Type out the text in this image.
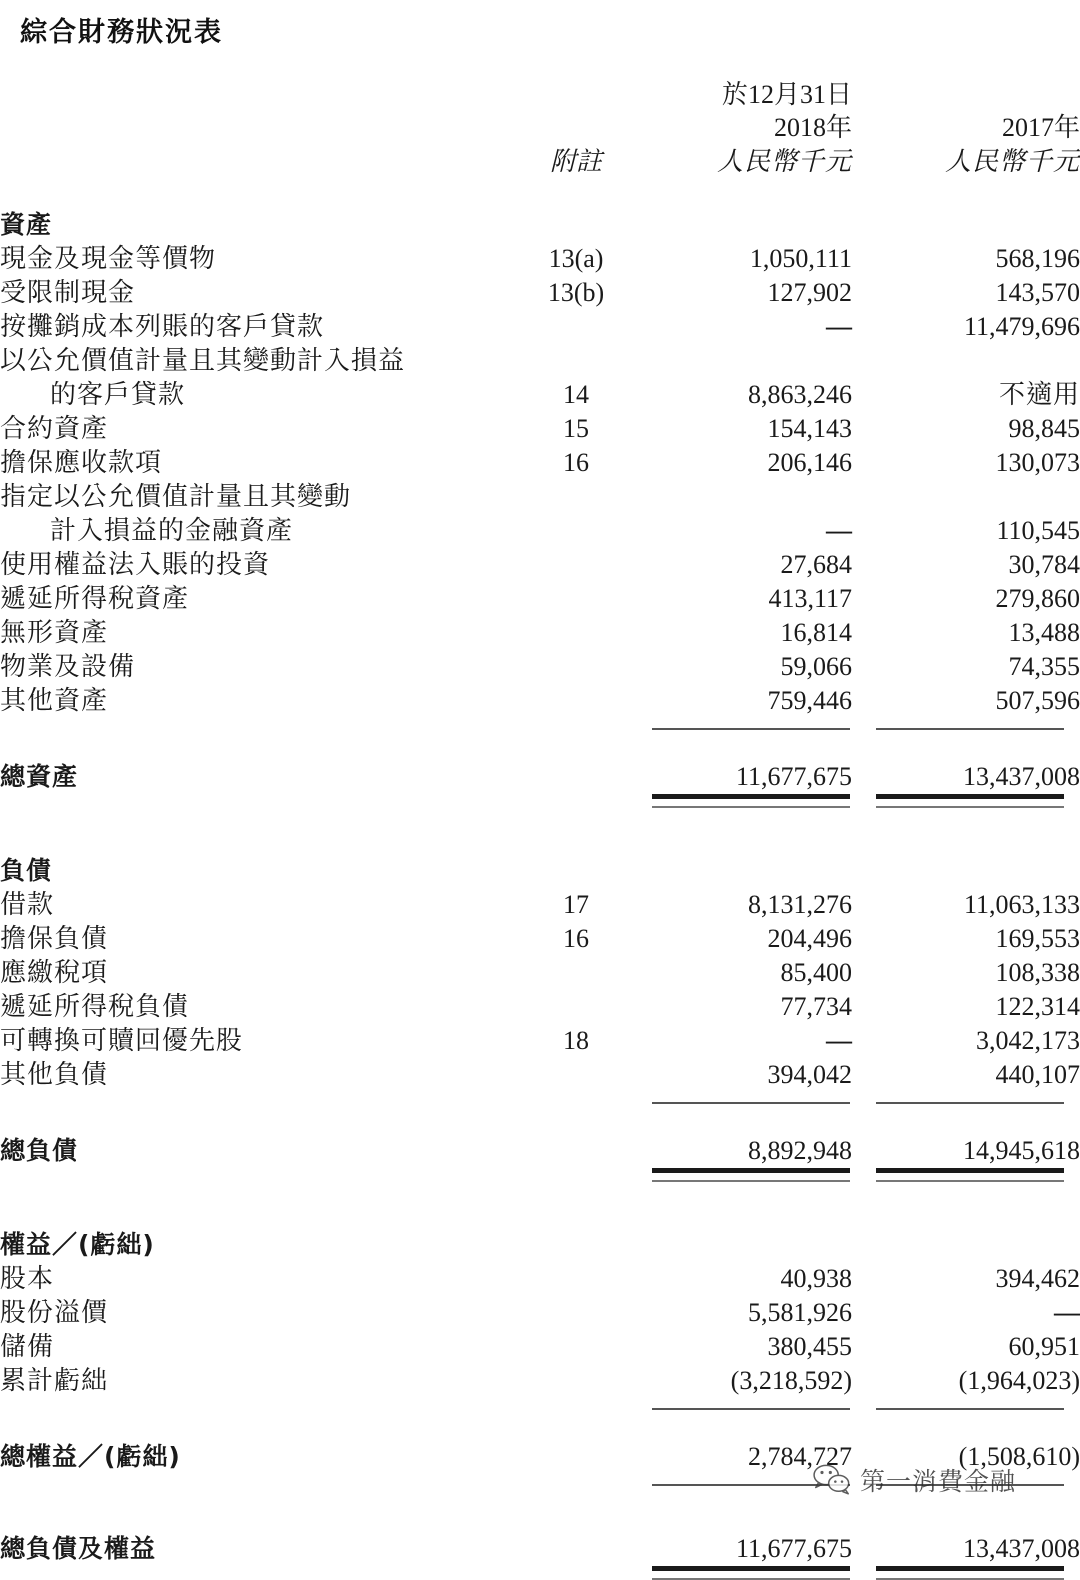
綜合財務狀況表
		於12月31日		
		2018年		2017年
	附註	人民幣千元		人民幣千元

資產				
現金及現金等價物	13(a)	1,050,111		568,196
受限制現金	13(b)	127,902		143,570
按攤銷成本列賬的客戶貸款		—		11,479,696
以公允價值計量且其變動計入損益				
的客戶貸款	14	8,863,246		不適用
合約資產	15	154,143		98,845
擔保應收款項	16	206,146		130,073
指定以公允價值計量且其變動				
計入損益的金融資產		—		110,545
使用權益法入賬的投資		27,684		30,784
遞延所得稅資產		413,117		279,860
無形資產		16,814		13,488
物業及設備		59,066		74,355
其他資產		759,446		507,596

總資產		11,677,675		13,437,008

負債				
借款	17	8,131,276		11,063,133
擔保負債	16	204,496		169,553
應繳稅項		85,400		108,338
遞延所得稅負債		77,734		122,314
可轉換可贖回優先股	18	—		3,042,173
其他負債		394,042		440,107

總負債		8,892,948		14,945,618

權益／(虧絀)				
股本		40,938		394,462
股份溢價		5,581,926		—
儲備		380,455		60,951
累計虧絀		(3,218,592)		(1,964,023)

總權益／(虧絀)		2,784,727		(1,508,610)

總負債及權益		11,677,675		13,437,008

第一消費金融
